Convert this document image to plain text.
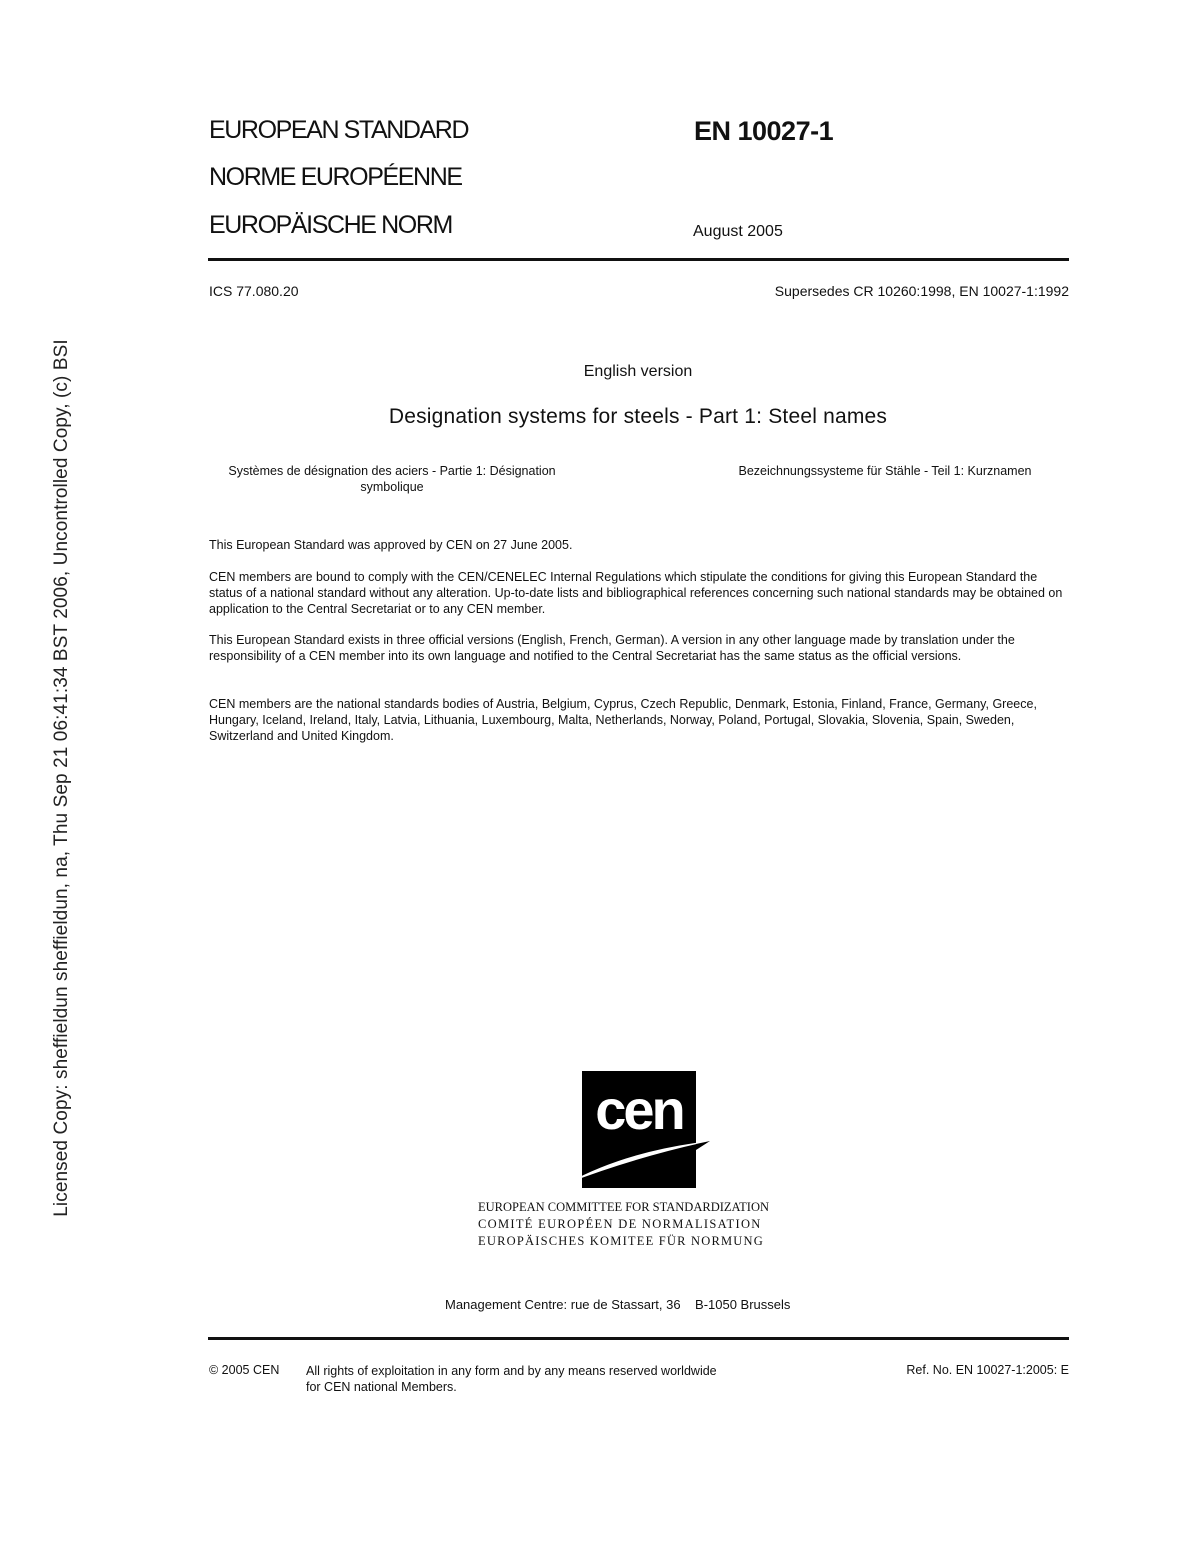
Licensed Copy: sheffieldun sheffieldun, na, Thu Sep 21 06:41:34 BST 2006, Uncontrolled Copy, (c) BSI
EUROPEAN STANDARD
NORME EUROPÉENNE
EUROPÄISCHE NORM
EN 10027-1
August 2005
ICS 77.080.20	Supersedes CR 10260:1998, EN 10027-1:1992
English version
Designation systems for steels - Part 1: Steel names
Systèmes de désignation des aciers - Partie 1: Désignation symbolique
Bezeichnungssysteme für Stähle - Teil 1: Kurznamen
This European Standard was approved by CEN on 27 June 2005.
CEN members are bound to comply with the CEN/CENELEC Internal Regulations which stipulate the conditions for giving this European Standard the status of a national standard without any alteration. Up-to-date lists and bibliographical references concerning such national standards may be obtained on application to the Central Secretariat or to any CEN member.
This European Standard exists in three official versions (English, French, German). A version in any other language made by translation under the responsibility of a CEN member into its own language and notified to the Central Secretariat has the same status as the official versions.
CEN members are the national standards bodies of Austria, Belgium, Cyprus, Czech Republic, Denmark, Estonia, Finland, France, Germany, Greece, Hungary, Iceland, Ireland, Italy, Latvia, Lithuania, Luxembourg, Malta, Netherlands, Norway, Poland, Portugal, Slovakia, Slovenia, Spain, Sweden, Switzerland and United Kingdom.
cen
EUROPEAN COMMITTEE FOR STANDARDIZATION
COMITÉ EUROPÉEN DE NORMALISATION
EUROPÄISCHES KOMITEE FÜR NORMUNG
Management Centre: rue de Stassart, 36    B-1050 Brussels
© 2005 CEN All rights of exploitation in any form and by any means reserved worldwide for CEN national Members.
Ref. No. EN 10027-1:2005: E
